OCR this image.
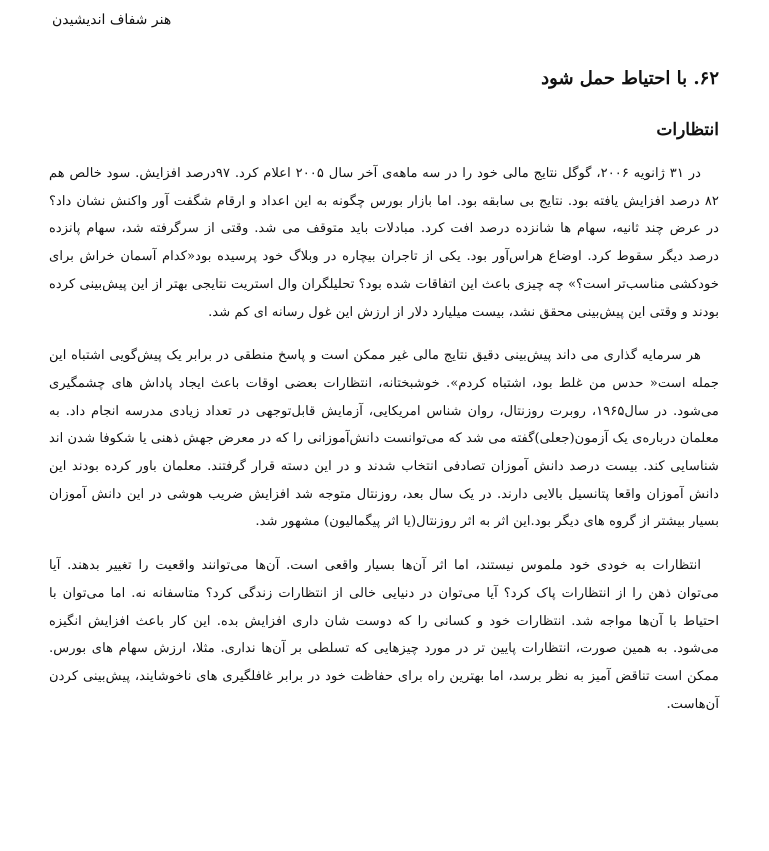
هنر شفاف اندیشیدن
۶۲. با احتیاط حمل شود
انتظارات

در ۳۱ ژانویه ۲۰۰۶، گوگل نتایج مالی خود را در سه ماهه‌ی آخر سال ۲۰۰۵ اعلام کرد. ۹۷درصد افزایش. سود خالص هم ۸۲ درصد افزایش یافته بود. نتایج بی سابقه بود. اما بازار بورس چگونه به این اعداد و ارقام شگفت آور واکنش نشان داد؟ در عرض چند ثانیه، سهام ها شانزده درصد افت کرد. مبادلات باید متوقف می شد. وقتی از سرگرفته شد، سهام پانزده درصد دیگر سقوط کرد. اوضاع هراس‌آور بود. یکی از تاجران بیچاره در وبلاگ خود پرسیده بود«کدام آسمان خراش برای خودکشی مناسب‌تر است؟» چه چیزی باعث این اتفاقات شده بود؟ تحلیلگران وال استریت نتایجی بهتر از این پیش‌بینی کرده بودند و وقتی این پیش‌بینی محقق نشد، بیست میلیارد دلار از ارزش این غول رسانه ای کم شد.

هر سرمایه گذاری می داند پیش‌بینی دقیق نتایج مالی غیر ممکن است و پاسخ منطقی در برابر یک پیش‌گویی اشتباه این جمله است« حدس من غلط بود، اشتباه کردم». خوشبختانه، انتظارات بعضی اوقات باعث ایجاد پاداش های چشمگیری می‌شود. در سال۱۹۶۵، روبرت روزنتال، روان شناس امریکایی، آزمایش قابل‌توجهی در تعداد زیادی مدرسه انجام داد. به معلمان درباره‌ی یک آزمون(جعلی)گفته می شد که می‌توانست دانش‌آموزانی را که در معرض جهش ذهنی یا شکوفا شدن اند شناسایی کند. بیست درصد دانش آموزان تصادفی انتخاب شدند و در این دسته قرار گرفتند. معلمان باور کرده بودند این دانش آموزان واقعا پتانسیل بالایی دارند. در یک سال بعد، روزنتال متوجه شد افزایش ضریب هوشی در این دانش آموزان بسیار بیشتر از گروه های دیگر بود.این اثر به اثر روزنتال(یا اثر پیگمالیون) مشهور شد.

انتظارات به خودی خود ملموس نیستند، اما اثر آن‌ها بسیار واقعی است. آن‌ها می‌توانند واقعیت را تغییر بدهند. آیا می‌توان ذهن را از انتظارات پاک کرد؟ آیا می‌توان در دنیایی خالی از انتظارات زندگی کرد؟ متاسفانه نه. اما می‌توان با احتیاط با آن‌ها مواجه شد. انتظارات خود و کسانی را که دوست شان داری افزایش بده. این کار باعث افزایش انگیزه می‌شود. به همین صورت، انتظارات پایین تر در مورد چیزهایی که تسلطی بر آن‌ها نداری. مثلا، ارزش سهام های بورس. ممکن است تناقض آمیز به نظر برسد، اما بهترین راه برای حفاظت خود در برابر غافلگیری های ناخوشایند، پیش‌بینی کردن آن‌هاست.
